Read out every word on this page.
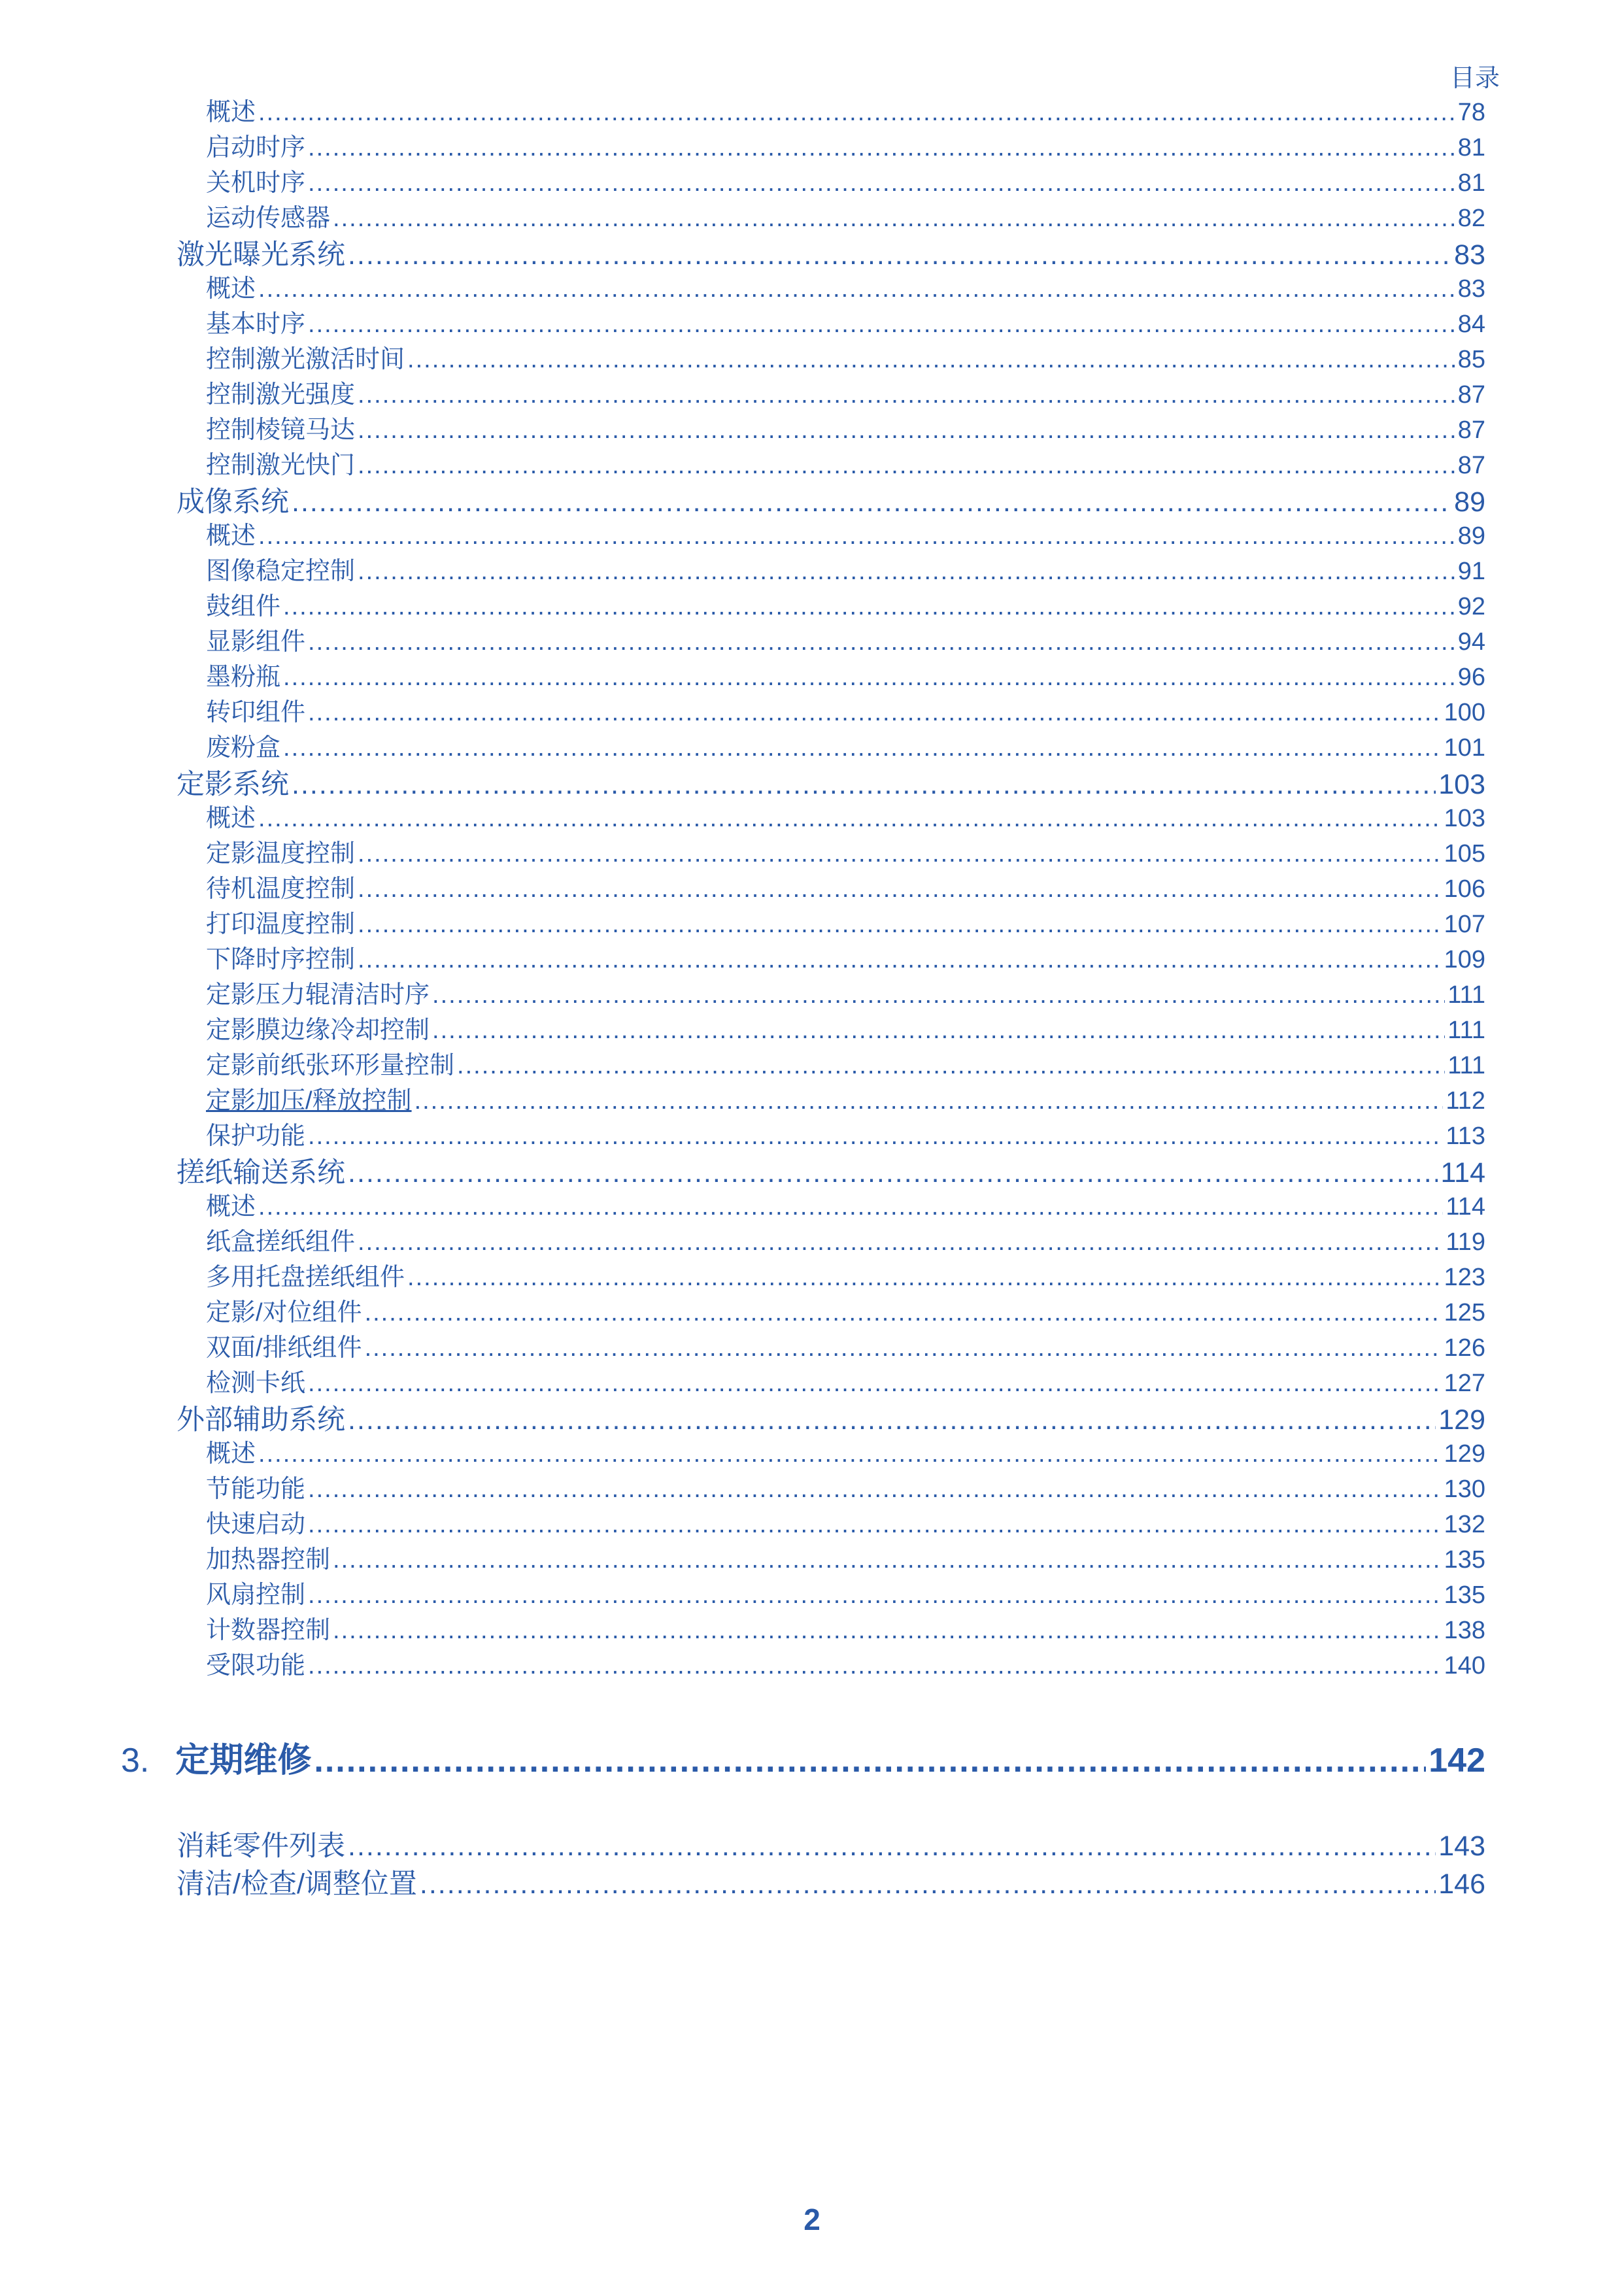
目录
概述 .....	78
启动时序 .....	81
关机时序 .....	81
运动传感器 .....	82
激光曝光系统 .....	83
概述 .....	83
基本时序 .....	84
控制激光激活时间 .....	85
控制激光强度 .....	87
控制棱镜马达 .....	87
控制激光快门 .....	87
成像系统 .....	89
概述 .....	89
图像稳定控制 .....	91
鼓组件 .....	92
显影组件 .....	94
墨粉瓶 .....	96
转印组件 .....	100
废粉盒 .....	101
定影系统 .....	103
概述 .....	103
定影温度控制 .....	105
待机温度控制 .....	106
打印温度控制 .....	107
下降时序控制 .....	109
定影压力辊清洁时序 .....	111
定影膜边缘冷却控制 .....	111
定影前纸张环形量控制 .....	111
定影加压/释放控制 .....	112
保护功能 .....	113
搓纸输送系统 .....	114
概述 .....	114
纸盒搓纸组件 .....	119
多用托盘搓纸组件 .....	123
定影/对位组件 .....	125
双面/排纸组件 .....	126
检测卡纸 .....	127
外部辅助系统 .....	129
概述 .....	129
节能功能 .....	130
快速启动 .....	132
加热器控制 .....	135
风扇控制 .....	135
计数器控制 .....	138
受限功能 .....	140
3. 定期维修 .....	142
消耗零件列表 .....	143
清洁/检查/调整位置 .....	146
2
